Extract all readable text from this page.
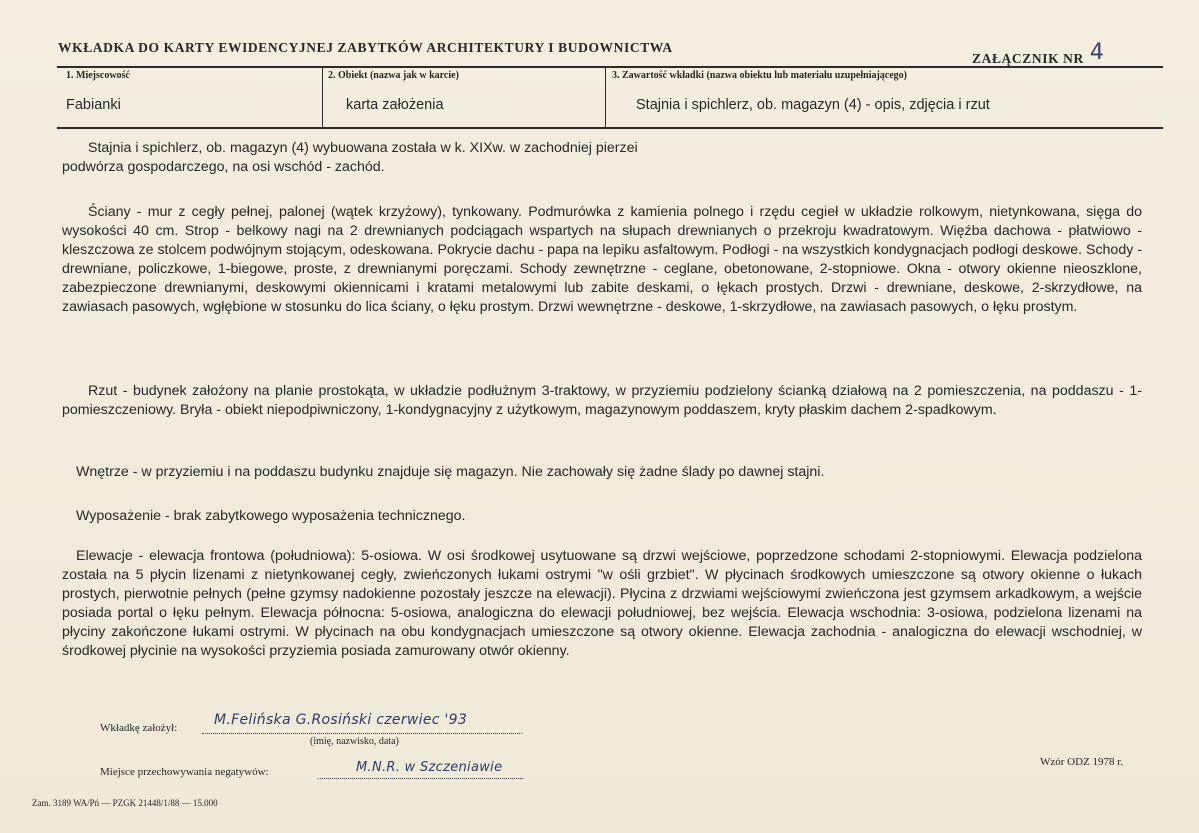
WKŁADKA DO KARTY EWIDENCYJNEJ ZABYTKÓW ARCHITEKTURY I BUDOWNICTWA
ZAŁĄCZNIK NR 4
1. Miejscowość	2. Obiekt (nazwa jak w karcie)	3. Zawartość wkładki (nazwa obiektu lub materiału uzupełniającego)
Fabianki	karta założenia	Stajnia i spichlerz, ob. magazyn (4) - opis, zdjęcia i rzut

Stajnia i spichlerz, ob. magazyn (4) wybuowana została w k. XIXw. w zachodniej pierzei podwórza gospodarczego, na osi wschód - zachód.

Ściany - mur z cegły pełnej, palonej (wątek krzyżowy), tynkowany. Podmurówka z kamienia polnego i rzędu cegieł w układzie rolkowym, nietynkowana, sięga do wysokości 40 cm. Strop - belkowy nagi na 2 drewnianych podciągach wspartych na słupach drewnianych o przekroju kwadratowym. Więźba dachowa - płatwiowo - kleszczowa ze stolcem podwójnym stojącym, odeskowana. Pokrycie dachu - papa na lepiku asfaltowym. Podłogi - na wszystkich kondygnacjach podłogi deskowe. Schody - drewniane, policzkowe, 1-biegowe, proste, z drewnianymi poręczami. Schody zewnętrzne - ceglane, obetonowane, 2-stopniowe. Okna - otwory okienne nieoszklone, zabezpieczone drewnianymi, deskowymi okiennicami i kratami metalowymi lub zabite deskami, o łękach prostych. Drzwi - drewniane, deskowe, 2-skrzydłowe, na zawiasach pasowych, wgłębione w stosunku do lica ściany, o łęku prostym. Drzwi wewnętrzne - deskowe, 1-skrzydłowe, na zawiasach pasowych, o łęku prostym.

Rzut - budynek założony na planie prostokąta, w układzie podłużnym 3-traktowy, w przyziemiu podzielony ścianką działową na 2 pomieszczenia, na poddaszu - 1-pomieszczeniowy. Bryła - obiekt niepodpiwniczony, 1-kondygnacyjny z użytkowym, magazynowym poddaszem, kryty płaskim dachem 2-spadkowym.

Wnętrze - w przyziemiu i na poddaszu budynku znajduje się magazyn. Nie zachowały się żadne ślady po dawnej stajni.

Wyposażenie - brak zabytkowego wyposażenia technicznego.

Elewacje - elewacja frontowa (południowa): 5-osiowa. W osi środkowej usytuowane są drzwi wejściowe, poprzedzone schodami 2-stopniowymi. Elewacja podzielona została na 5 płycin lizenami z nietynkowanej cegły, zwieńczonych łukami ostrymi "w ośli grzbiet". W płycinach środkowych umieszczone są otwory okienne o łukach prostych, pierwotnie pełnych (pełne gzymsy nadokienne pozostały jeszcze na elewacji). Płycina z drzwiami wejściowymi zwieńczona jest gzymsem arkadkowym, a wejście posiada portal o łęku pełnym. Elewacja północna: 5-osiowa, analogiczna do elewacji południowej, bez wejścia. Elewacja wschodnia: 3-osiowa, podzielona lizenami na płyciny zakończone łukami ostrymi. W płycinach na obu kondygnacjach umieszczone są otwory okienne. Elewacja zachodnia - analogiczna do elewacji wschodniej, w środkowej płycinie na wysokości przyziemia posiada zamurowany otwór okienny.

Wkładkę założył:	M.Felińska G.Rosiński czerwiec '93
(imię, nazwisko, data)
Miejsce przechowywania negatywów:	M.N.R. w Szczeniawie	Wzór ODZ 1978 r.
Zam. 3189 WA/Pń — PZGK 21448/1/88 — 15.000
